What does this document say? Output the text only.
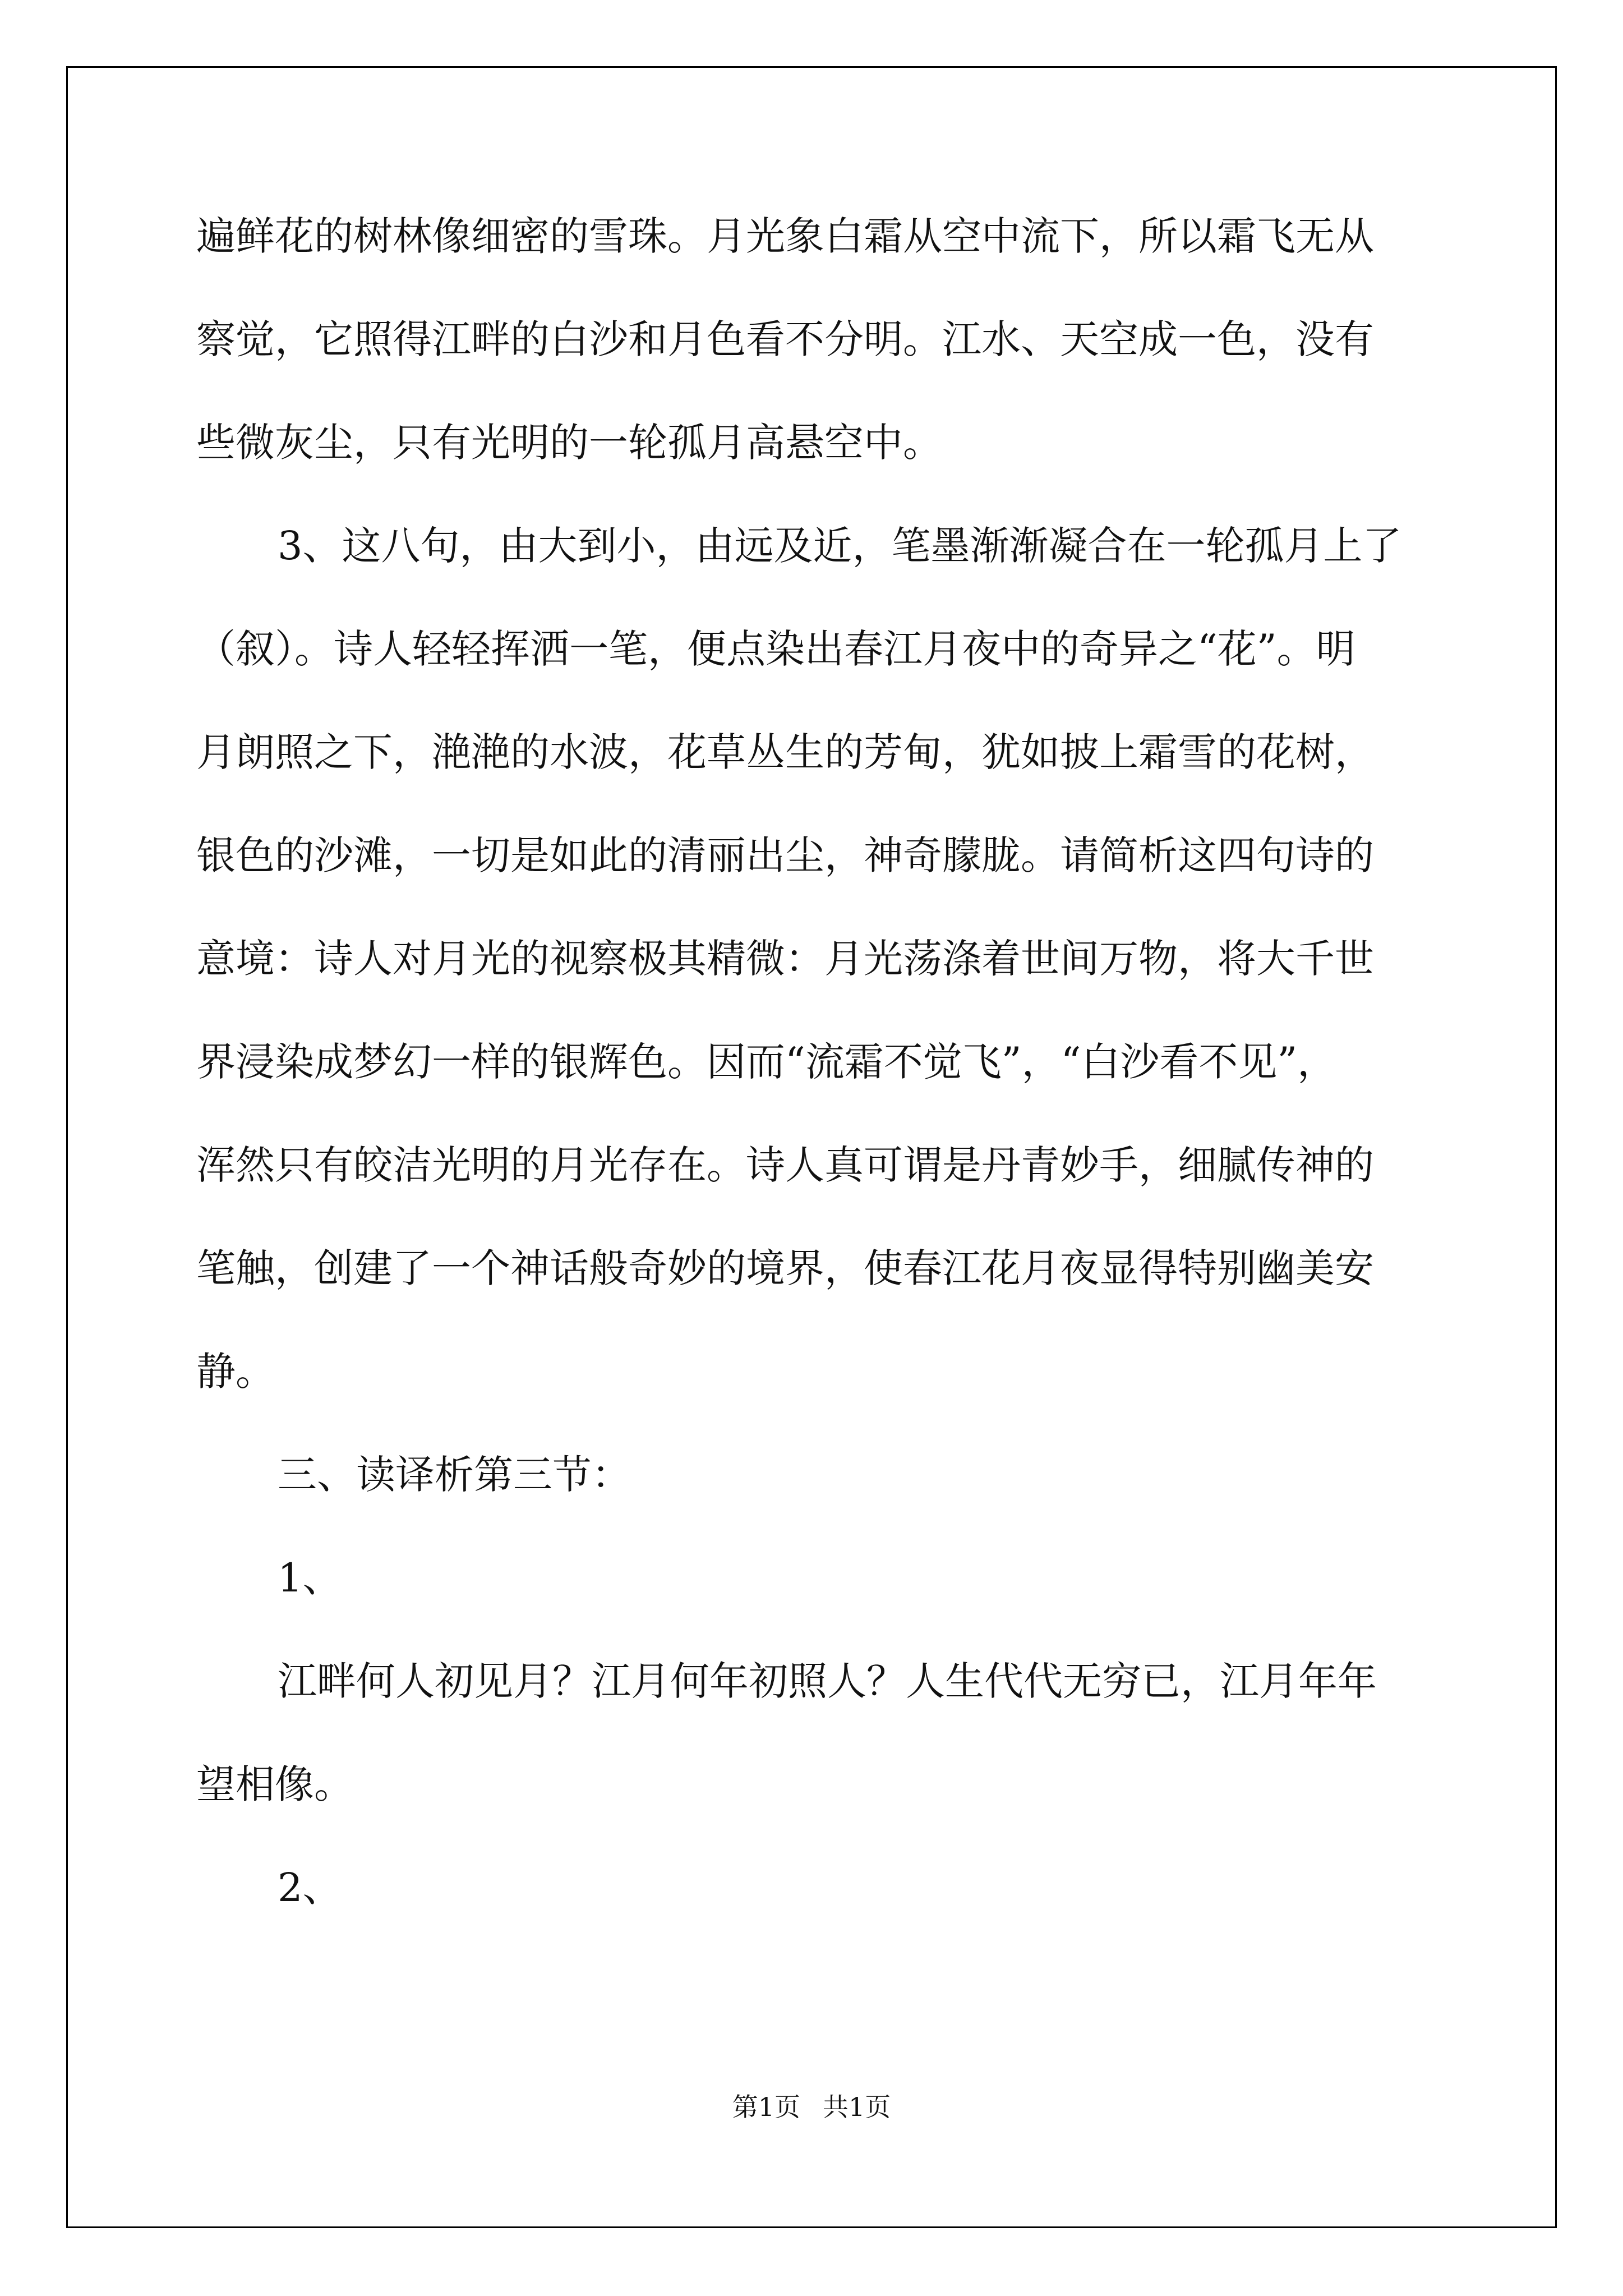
遍鲜花的树林像细密的雪珠。月光象白霜从空中流下，所以霜飞无从
察觉，它照得江畔的白沙和月色看不分明。江水、天空成一色，没有
些微灰尘，只有光明的一轮孤月高悬空中。
3、这八句，由大到小，由远及近，笔墨渐渐凝合在一轮孤月上了
（叙）。诗人轻轻挥洒一笔，便点染出春江月夜中的奇异之“花”。明
月朗照之下，滟滟的水波，花草丛生的芳甸，犹如披上霜雪的花树，
银色的沙滩，一切是如此的清丽出尘，神奇朦胧。请简析这四句诗的
意境：诗人对月光的视察极其精微：月光荡涤着世间万物，将大千世
界浸染成梦幻一样的银辉色。因而“流霜不觉飞”，“白沙看不见”，
浑然只有皎洁光明的月光存在。诗人真可谓是丹青妙手，细腻传神的
笔触，创建了一个神话般奇妙的境界，使春江花月夜显得特别幽美安
静。
三、读译析第三节：
1、
江畔何人初见月？江月何年初照人？人生代代无穷已，江月年年
望相像。
2、
第1页 共1页
